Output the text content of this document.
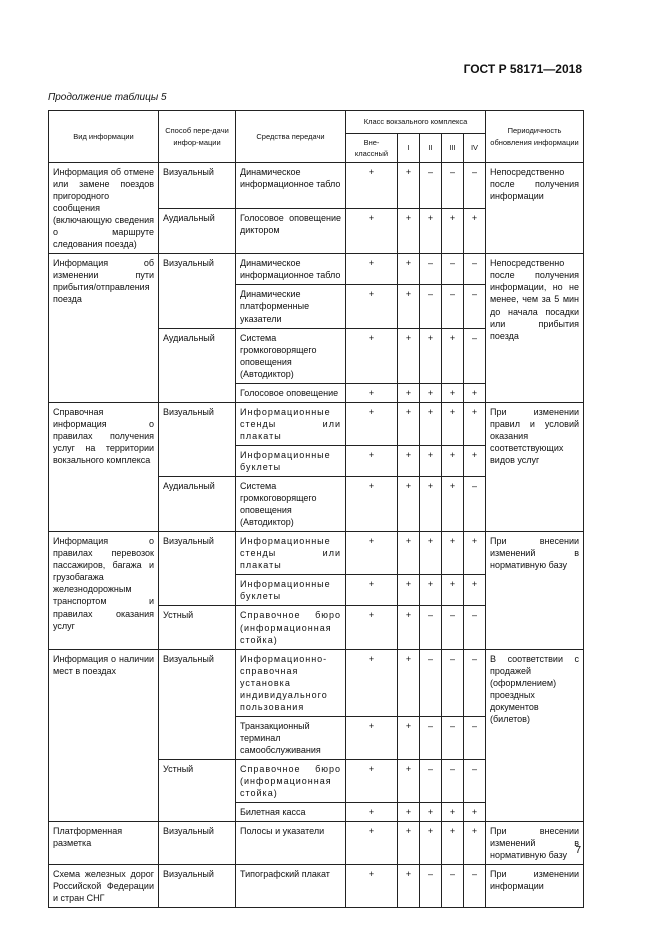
ГОСТ Р 58171—2018
Продолжение таблицы 5
Вид информации	Способ пере-дачи инфор-мации	Средства передачи	Класс вокзального комплекса					Периодичность обновления информации
			Вне-классный	I	II	III	IV	
Информация об отмене или замене поездов пригородного сообщения (включающую сведения о маршруте следования поезда)	Визуальный	Динамическое информационное табло	+	+	–	–	–	Непосредственно после получения информации
	Аудиальный	Голосовое оповещение диктором	+	+	+	+	+	
Информация об изменении пути прибытия/отправления поезда	Визуальный	Динамическое информационное табло	+	+	–	–	–	Непосредственно после получения информации, но не менее, чем за 5 мин до начала посадки или прибытия поезда
		Динамические платформенные указатели	+	+	–	–	–	
	Аудиальный	Система громкоговорящего оповещения (Автодиктор)	+	+	+	+	–	
		Голосовое оповещение	+	+	+	+	+	
Справочная информация о правилах получения услуг на территории вокзального комплекса	Визуальный	Информационные стенды или плакаты	+	+	+	+	+	При изменении правил и условий оказания соответствующих видов услуг
		Информационные буклеты	+	+	+	+	+	
	Аудиальный	Система громкоговорящего оповещения (Автодиктор)	+	+	+	+	–	
Информация о правилах перевозок пассажиров, багажа и грузобагажа железнодорожным транспортом и правилах оказания услуг	Визуальный	Информационные стенды или плакаты	+	+	+	+	+	При внесении изменений в нормативную базу
		Информационные буклеты	+	+	+	+	+	
	Устный	Справочное бюро (информационная стойка)	+	+	–	–	–	
Информация о наличии мест в поездах	Визуальный	Информационно-справочная установка индивидуального пользования	+	+	–	–	–	В соответствии с продажей (оформлением) проездных документов (билетов)
		Транзакционный терминал самообслуживания	+	+	–	–	–	
	Устный	Справочное бюро (информационная стойка)	+	+	–	–	–	
		Билетная касса	+	+	+	+	+	
Платформенная разметка	Визуальный	Полосы и указатели	+	+	+	+	+	При внесении изменений в нормативную базу
Схема железных дорог Российской Федерации и стран СНГ	Визуальный	Типографский плакат	+	+	–	–	–	При изменении информации
7
